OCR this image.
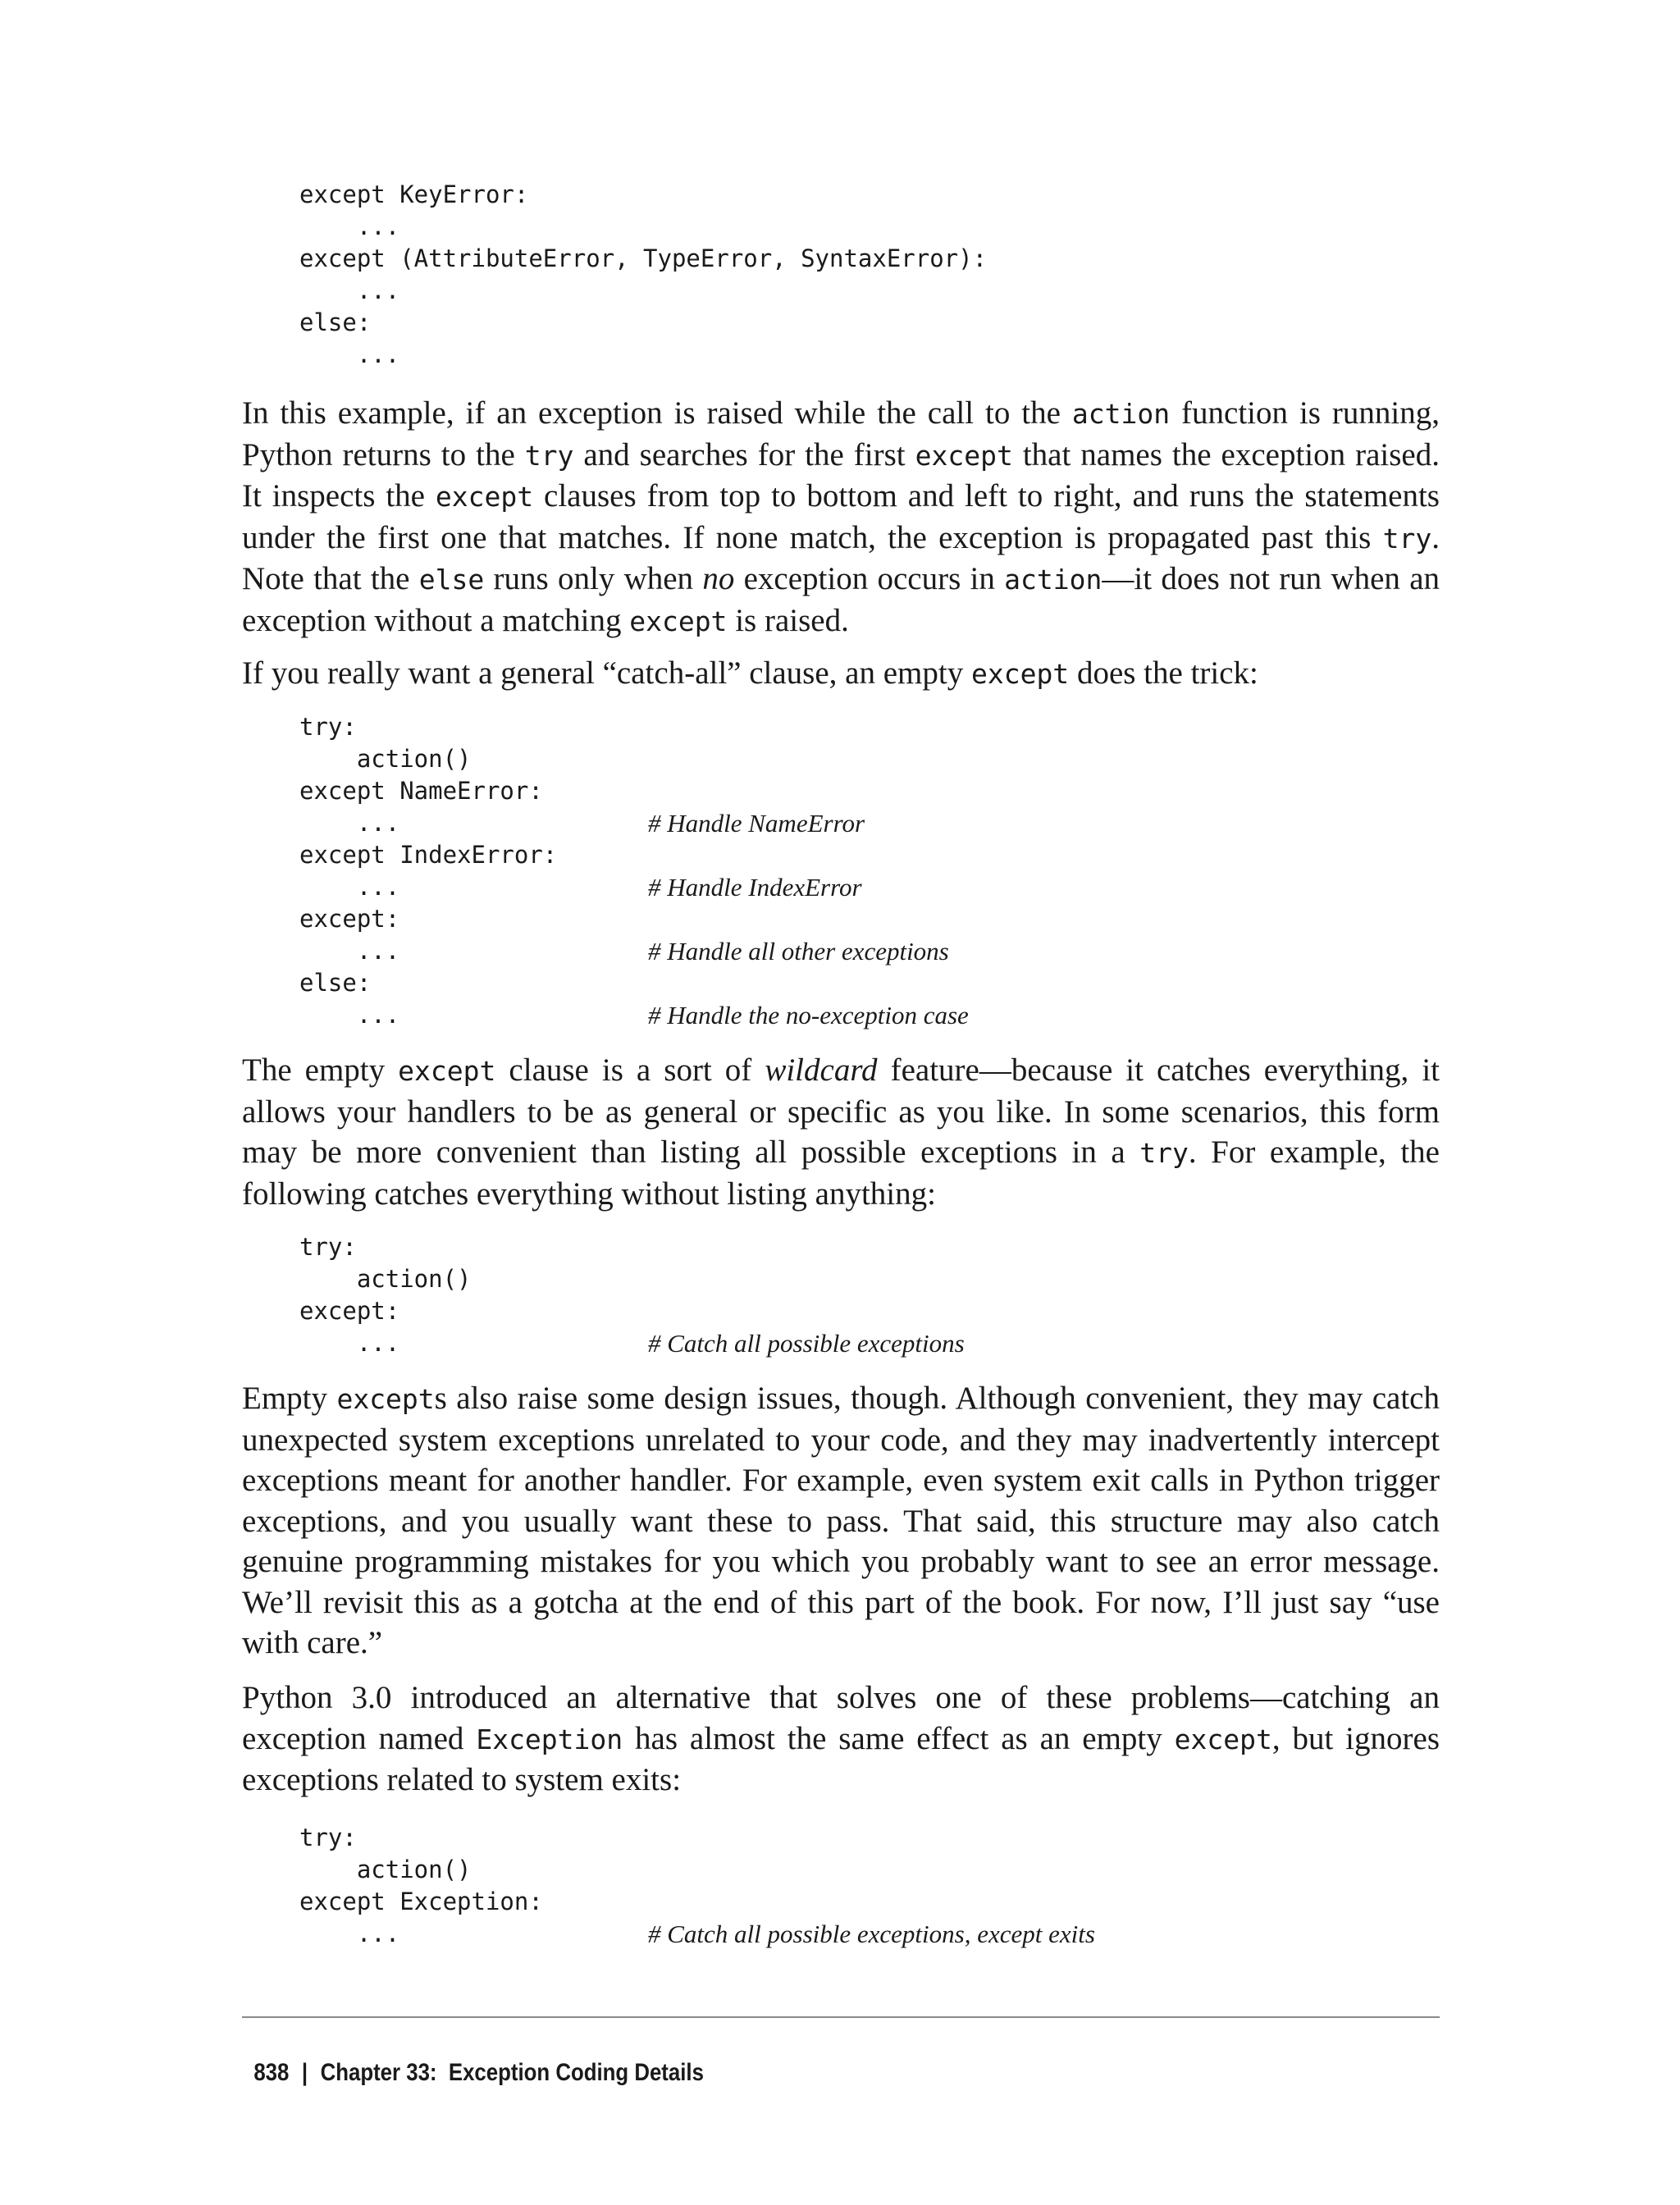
except KeyError:
...
except (AttributeError, TypeError, SyntaxError):
...
else:
...

In this example, if an exception is raised while the call to the action function is running, Python returns to the try and searches for the first except that names the exception raised. It inspects the except clauses from top to bottom and left to right, and runs the statements under the first one that matches. If none match, the exception is propagated past this try. Note that the else runs only when no exception occurs in action—it does not run when an exception without a matching except is raised.

If you really want a general “catch-all” clause, an empty except does the trick:

try:
action()
except NameError:
...	# Handle NameError
except IndexError:
...	# Handle IndexError
except:
...	# Handle all other exceptions
else:
...	# Handle the no-exception case

The empty except clause is a sort of wildcard feature—because it catches everything, it allows your handlers to be as general or specific as you like. In some scenarios, this form may be more convenient than listing all possible exceptions in a try. For example, the following catches everything without listing anything:

try:
action()
except:
...	# Catch all possible exceptions

Empty excepts also raise some design issues, though. Although convenient, they may catch unexpected system exceptions unrelated to your code, and they may inadvertently intercept exceptions meant for another handler. For example, even system exit calls in Python trigger exceptions, and you usually want these to pass. That said, this structure may also catch genuine programming mistakes for you which you probably want to see an error message. We’ll revisit this as a gotcha at the end of this part of the book. For now, I’ll just say “use with care.”

Python 3.0 introduced an alternative that solves one of these problems—catching an exception named Exception has almost the same effect as an empty except, but ignores exceptions related to system exits:

try:
action()
except Exception:
...	# Catch all possible exceptions, except exits

838 | Chapter 33:  Exception Coding Details
